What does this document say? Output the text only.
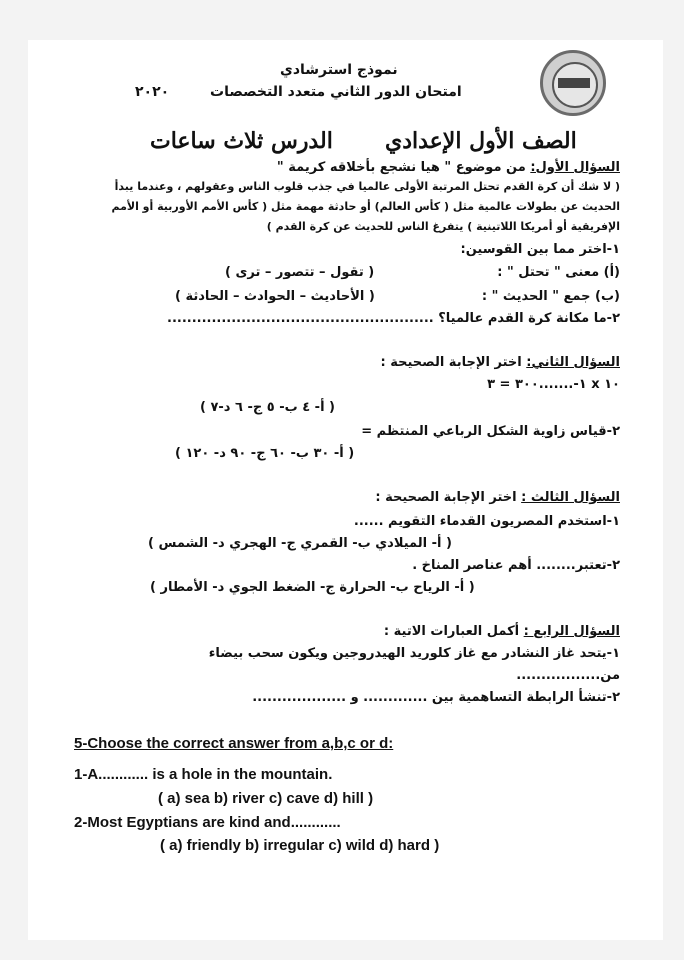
نموذج استرشادي
امتحان الدور الثاني متعدد التخصصات
٢٠٢٠
الصف الأول الإعدادي
الدرس ثلاث ساعات
السؤال الأول: من موضوع " هيا نشجع بأخلاقه كريمة "
( لا شك أن كرة القدم تحتل المرتبة الأولى عالميا في جذب قلوب الناس وعقولهم ، وعندما يبدأ
الحديث عن بطولات عالمية مثل ( كأس العالم) أو حادثة مهمة مثل ( كأس الأمم الأوربية أو الأمم
الإفريقية أو أمريكا اللاتينية ) يتفرغ الناس للحديث عن كرة القدم )
١-اختر مما بين القوسين:
(أ) معنى " تحتل " :
( تقول – تتصور – ترى )
(ب) جمع " الحديث " :
( الأحاديث – الحوادث – الحادثة )
٢-ما مكانة كرة القدم عالميا؟ ......................................................
السؤال الثاني: اختر الإجابة الصحيحة :
١-.......٣٠٠ = ٣ x ١٠
( أ- ٤ ب- ٥ ج- ٦ د-٧ )
٢-قياس زاوية الشكل الرباعي المنتظم =
( أ- ٣٠ ب- ٦٠ ج- ٩٠ د- ١٢٠ )
السؤال الثالث : اختر الإجابة الصحيحة :
١-استخدم المصريون القدماء التقويم ......
( أ- الميلادي ب- القمري ج- الهجري د- الشمس )
٢-تعتبر........ أهم عناصر المناخ .
( أ- الرياح ب- الحرارة ج- الضغط الجوي د- الأمطار )
السؤال الرابع : أكمل العبارات الاتية :
١-يتحد غاز النشادر مع غاز كلوريد الهيدروجين ويكون سحب بيضاء
من.................
٢-تنشأ الرابطة التساهمية بين ............. و ...................
5-Choose the correct answer from a,b,c or d:
1-A............ is a hole in the mountain.
( a) sea b) river c) cave d) hill )
2-Most Egyptians are kind and............
( a) friendly b) irregular c) wild d) hard )
